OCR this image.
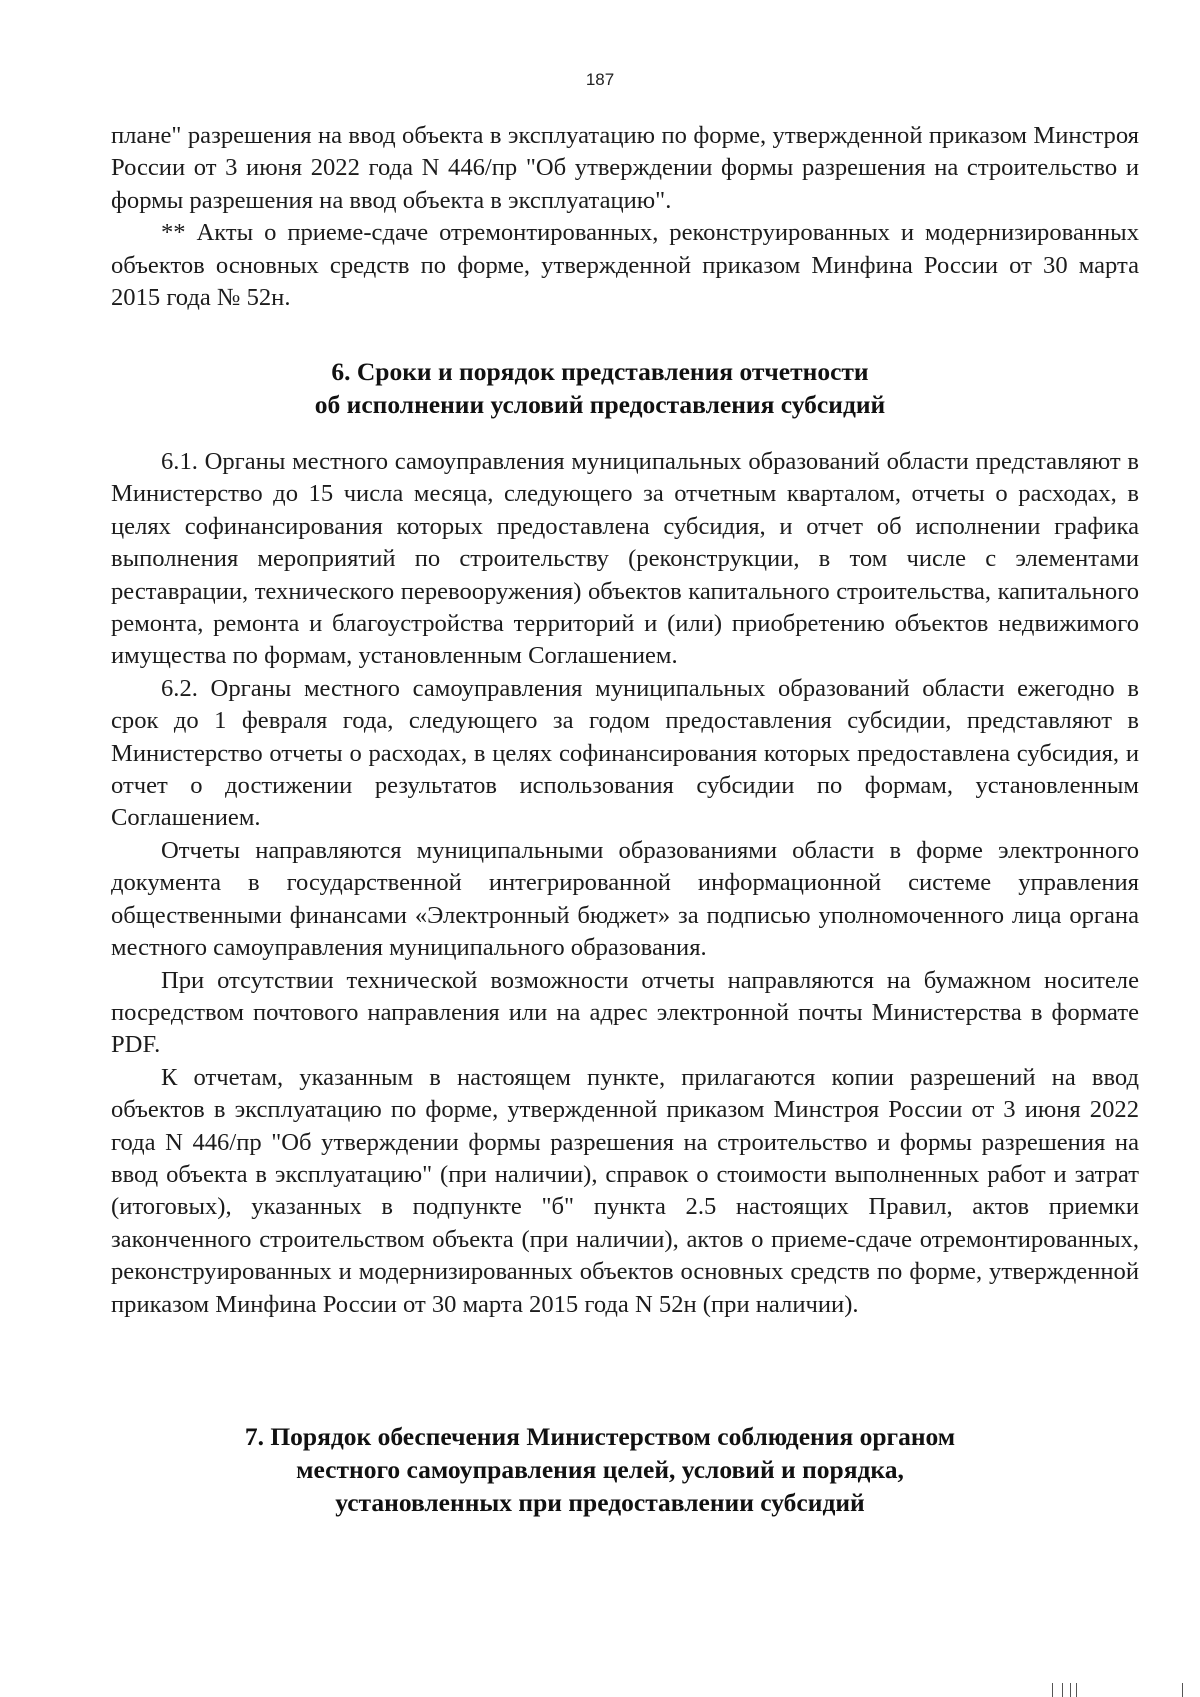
187

плане" разрешения на ввод объекта в эксплуатацию по форме, утвержденной приказом Минстроя России от 3 июня 2022 года N 446/пр "Об утверждении формы разрешения на строительство и формы разрешения на ввод объекта в эксплуатацию".

** Акты о приеме-сдаче отремонтированных, реконструированных и модернизированных объектов основных средств по форме, утвержденной приказом Минфина России от 30 марта 2015 года № 52н.

6. Сроки и порядок представления отчетности
об исполнении условий предоставления субсидий

6.1. Органы местного самоуправления муниципальных образований области представляют в Министерство до 15 числа месяца, следующего за отчетным кварталом, отчеты о расходах, в целях софинансирования которых предоставлена субсидия, и отчет об исполнении графика выполнения мероприятий по строительству (реконструкции, в том числе с элементами реставрации, технического перевооружения) объектов капитального строительства, капитального ремонта, ремонта и благоустройства территорий и (или) приобретению объектов недвижимого имущества по формам, установленным Соглашением.

6.2. Органы местного самоуправления муниципальных образований области ежегодно в срок до 1 февраля года, следующего за годом предоставления субсидии, представляют в Министерство отчеты о расходах, в целях софинансирования которых предоставлена субсидия, и отчет о достижении результатов использования субсидии по формам, установленным Соглашением.

Отчеты направляются муниципальными образованиями области в форме электронного документа в государственной интегрированной информационной системе управления общественными финансами «Электронный бюджет» за подписью уполномоченного лица органа местного самоуправления муниципального образования.

При отсутствии технической возможности отчеты направляются на бумажном носителе посредством почтового направления или на адрес электронной почты Министерства в формате PDF.

К отчетам, указанным в настоящем пункте, прилагаются копии разрешений на ввод объектов в эксплуатацию по форме, утвержденной приказом Минстроя России от 3 июня 2022 года N 446/пр "Об утверждении формы разрешения на строительство и формы разрешения на ввод объекта в эксплуатацию" (при наличии), справок о стоимости выполненных работ и затрат (итоговых), указанных в подпункте "б" пункта 2.5 настоящих Правил, актов приемки законченного строительством объекта (при наличии), актов о приеме-сдаче отремонтированных, реконструированных и модернизированных объектов основных средств по форме, утвержденной приказом Минфина России от 30 марта 2015 года N 52н (при наличии).

7. Порядок обеспечения Министерством соблюдения органом
местного самоуправления целей, условий и порядка,
установленных при предоставлении субсидий
